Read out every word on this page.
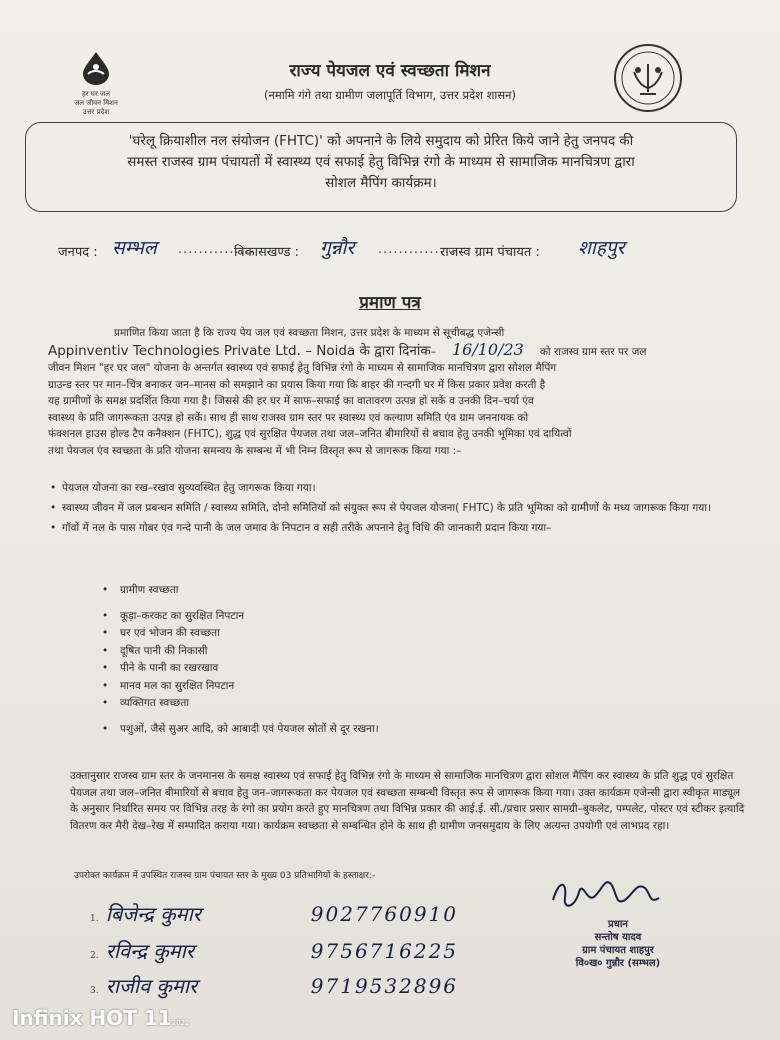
हर घर जल
जल जीवन मिशन
उत्तर प्रदेश
राज्य पेयजल एवं स्वच्छता मिशन
(नमामि गंगे तथा ग्रामीण जलापूर्ति विभाग, उत्तर प्रदेश शासन)
'घरेलू क्रियाशील नल संयोजन (FHTC)' को अपनाने के लिये समुदाय को प्रेरित किये जाने हेतु जनपद की
समस्त राजस्व ग्राम पंचायतों में स्वास्थ्य एवं सफाई हेतु विभिन्न रंगो के माध्यम से सामाजिक मानचित्रण द्वारा
सोशल मैपिंग कार्यक्रम।
जनपद : सम्भल ...............
विकासखण्ड : गुन्नौर ...............
राजस्व ग्राम पंचायत : शाहपुर
प्रमाण पत्र
प्रमाणित किया जाता है कि राज्य पेय जल एवं स्वच्छता मिशन, उत्तर प्रदेश के माध्यम से सूचीबद्ध एजेन्सी
Appinventiv Technologies Private Ltd. – Noida के द्वारा दिनांक– 16/10/23 को राजस्व ग्राम स्तर पर जल
जीवन मिशन "हर घर जल" योजना के अन्तर्गत स्वास्थ्य एवं सफाई हेतु विभिन्न रंगो के माध्यम से सामाजिक मानचित्रण द्वारा सोशल मैपिंग
ग्राउन्ड स्तर पर मान–चित्र बनाकर जन–मानस को समझाने का प्रयास किया गया कि बाहर की गन्दगी घर में किस प्रकार प्रवेश करती है
यह ग्रामीणों के समक्ष प्रदर्शित किया गया है। जिससे की हर घर में साफ–सफाई का वातावरण उत्पन्न हो सकें व उनकी दिन–चर्या एंव
स्वास्थ्य के प्रति जागरूकता उत्पन्न हो सकें। साथ ही साथ राजस्व ग्राम स्तर पर स्वास्थ्य एवं कल्याण समिति एंव ग्राम जननायक को
फंक्शनल हाउस होल्ड टैप कनैक्शन (FHTC), शुद्ध एवं सुरक्षित पेयजल तथा जल–जनित बीमारियों से बचाव हेतु उनकी भूमिका एवं दायित्वों
तथा पेयजल एंव स्वच्छता के प्रति योजना समन्वय के सम्बन्ध में भी निम्न विस्तृत रूप से जागरूक किया गया :–
• पेयजल योजना का रख–रखाव सुव्यवस्थित हेतु जागरूक किया गया।
• स्वास्थ्य जीवन में जल प्रबन्धन समिति / स्वास्थ्य समिति, दोनो समितियों को संयुक्त रूप से पेयजल योजना( FHTC) के प्रति भूमिका को ग्रामीणों के मध्य जागरूक किया गया।
• गॉवों में नल के पास गोबर एंव गन्दे पानी के जल जमाव के निपटान व सही तरीके अपनाने हेतु विधि की जानकारी प्रदान किया गया–
• ग्रामीण स्वच्छता
• कूड़ा–करकट का सुरक्षित निपटान
• घर एवं भोजन की स्वच्छता
• दूषित पानी की निकासी
• पीने के पानी का रखरखाव
• मानव मल का सुरक्षित निपटान
• व्यक्तिगत स्वच्छता
• पशुओं, जैसे सुअर आदि, को आबादी एवं पेयजल स्रोतों से दूर रखना।
उक्तानुसार राजस्व ग्राम स्तर के जनमानस के समक्ष स्वास्थ्य एवं सफाई हेतु विभिन्न रंगो के माध्यम से सामाजिक मानचित्रण द्वारा सोशल मैपिंग कर स्वास्थ्य के प्रति शुद्ध एवं सुरक्षित पेयजल तथा जल–जनित बीमारियों से बचाव हेतु जन–जागरूकता कर पेयजल एवं स्वच्छता सम्बन्धी विस्तृत रूप से जागरूक किया गया। उक्त कार्यक्रम एजेन्सी द्वारा स्वीकृत माड्यूल के अनुसार निर्धारित समय पर विभिन्न तरह के रंगो का प्रयोग करते हुए मानचित्रण तथा विभिन्न प्रकार की आई.ई. सी./प्रचार प्रसार सामग्री–बुकलेट, पम्पलेट, पोस्टर एवं स्टीकर इत्यादि वितरण कर मैरी देख–रेख में सम्पादित कराया गया। कार्यक्रम स्वच्छता से सम्बन्धित होने के साथ ही ग्रामीण जनसमुदाय के लिए अत्यन्त उपयोगी एवं लाभप्रद रहा।
उपरोक्त कार्यक्रम में उपस्थित राजस्व ग्राम पंचायत स्तर के मुख्य 03 प्रतिभागियों के हस्ताक्षर:-
1. बिजेन्द्र कुमार	9027760910
2. रविन्द्र कुमार	9756716225
3. राजीव कुमार	9719532896
प्रधान
सन्तोष यादव
ग्राम पंचायत शाहपुर
वि०ख० गुन्नौर (सम्भल)
Infinix HOT 112022
